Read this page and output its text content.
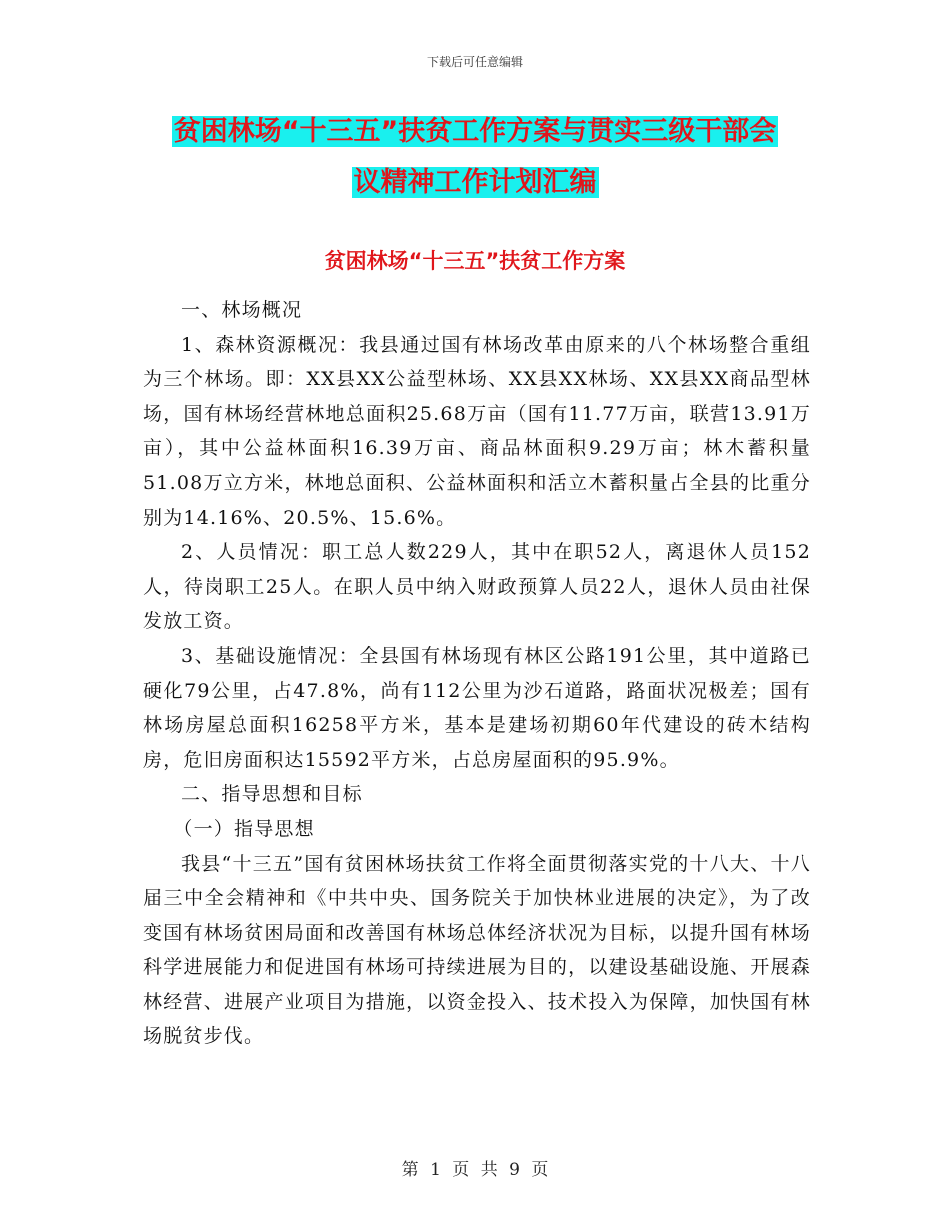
下载后可任意编辑
贫困林场“十三五”扶贫工作方案与贯实三级干部会
议精神工作计划汇编
贫困林场“十三五”扶贫工作方案

一、林场概况

1、森林资源概况：我县通过国有林场改革由原来的八个林场整合重组为三个林场。即：XX县XX公益型林场、XX县XX林场、XX县XX商品型林场，国有林场经营林地总面积25.68万亩（国有11.77万亩，联营13.91万亩），其中公益林面积16.39万亩、商品林面积9.29万亩；林木蓄积量51.08万立方米，林地总面积、公益林面积和活立木蓄积量占全县的比重分别为14.16%、20.5%、15.6%。

2、人员情况：职工总人数229人，其中在职52人，离退休人员152人，待岗职工25人。在职人员中纳入财政预算人员22人，退休人员由社保发放工资。

3、基础设施情况：全县国有林场现有林区公路191公里，其中道路已硬化79公里，占47.8%，尚有112公里为沙石道路，路面状况极差；国有林场房屋总面积16258平方米，基本是建场初期60年代建设的砖木结构房，危旧房面积达15592平方米，占总房屋面积的95.9%。

二、指导思想和目标

（一）指导思想

我县“十三五”国有贫困林场扶贫工作将全面贯彻落实党的十八大、十八届三中全会精神和《中共中央、国务院关于加快林业进展的决定》，为了改变国有林场贫困局面和改善国有林场总体经济状况为目标，以提升国有林场科学进展能力和促进国有林场可持续进展为目的，以建设基础设施、开展森林经营、进展产业项目为措施，以资金投入、技术投入为保障，加快国有林场脱贫步伐。

第 1 页 共 9 页
